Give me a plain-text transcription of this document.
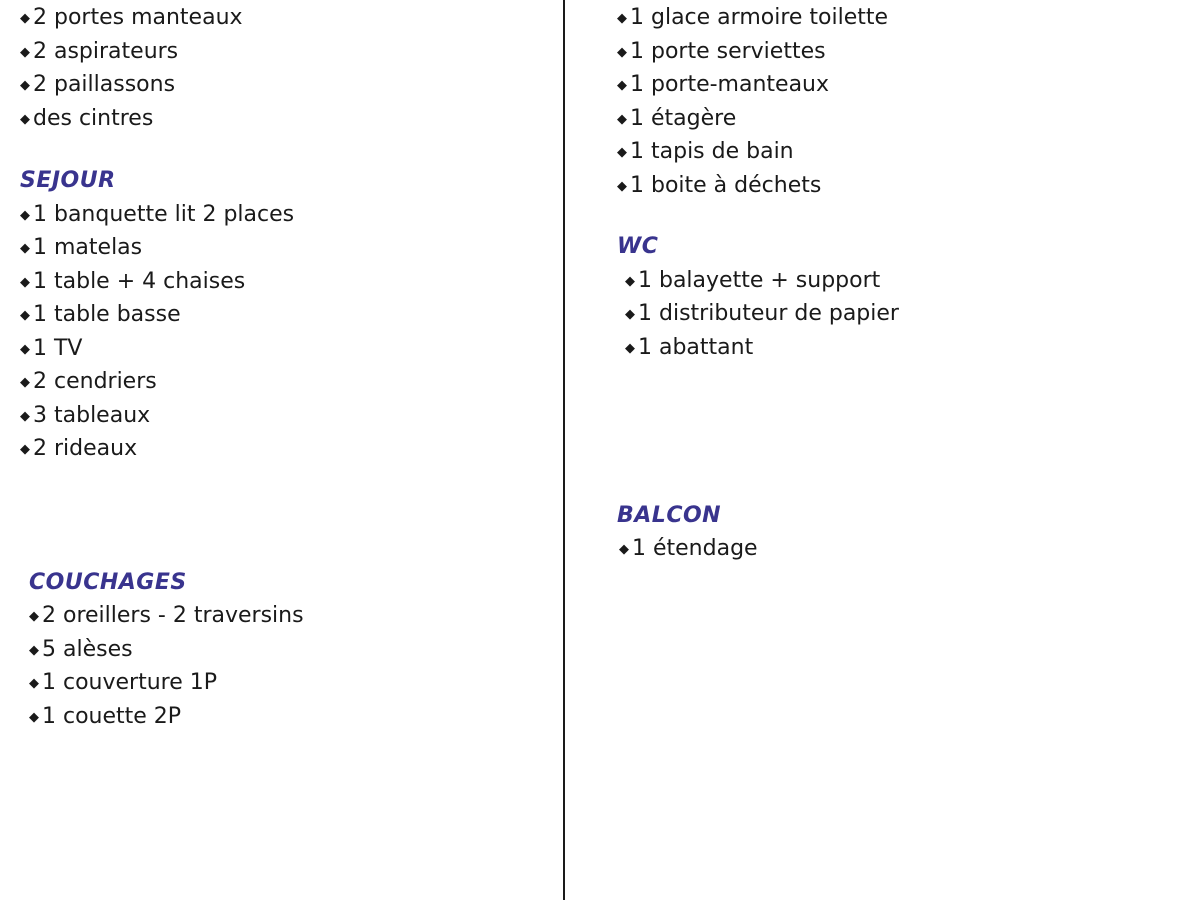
◆ 2 portes manteaux
◆ 2 aspirateurs
◆ 2 paillassons
◆ des cintres
SEJOUR
◆ 1 banquette lit 2 places
◆ 1 matelas
◆ 1 table + 4 chaises
◆ 1 table basse
◆ 1 TV
◆ 2 cendriers
◆ 3 tableaux
◆ 2 rideaux
COUCHAGES
◆ 2 oreillers - 2 traversins
◆ 5 alèses
◆ 1 couverture 1P
◆ 1 couette 2P
◆ 1 glace armoire toilette
◆ 1 porte serviettes
◆ 1 porte-manteaux
◆ 1 étagère
◆ 1 tapis de bain
◆ 1 boite à déchets
WC
◆ 1 balayette + support
◆ 1 distributeur de papier
◆ 1 abattant
BALCON
◆ 1 étendage
